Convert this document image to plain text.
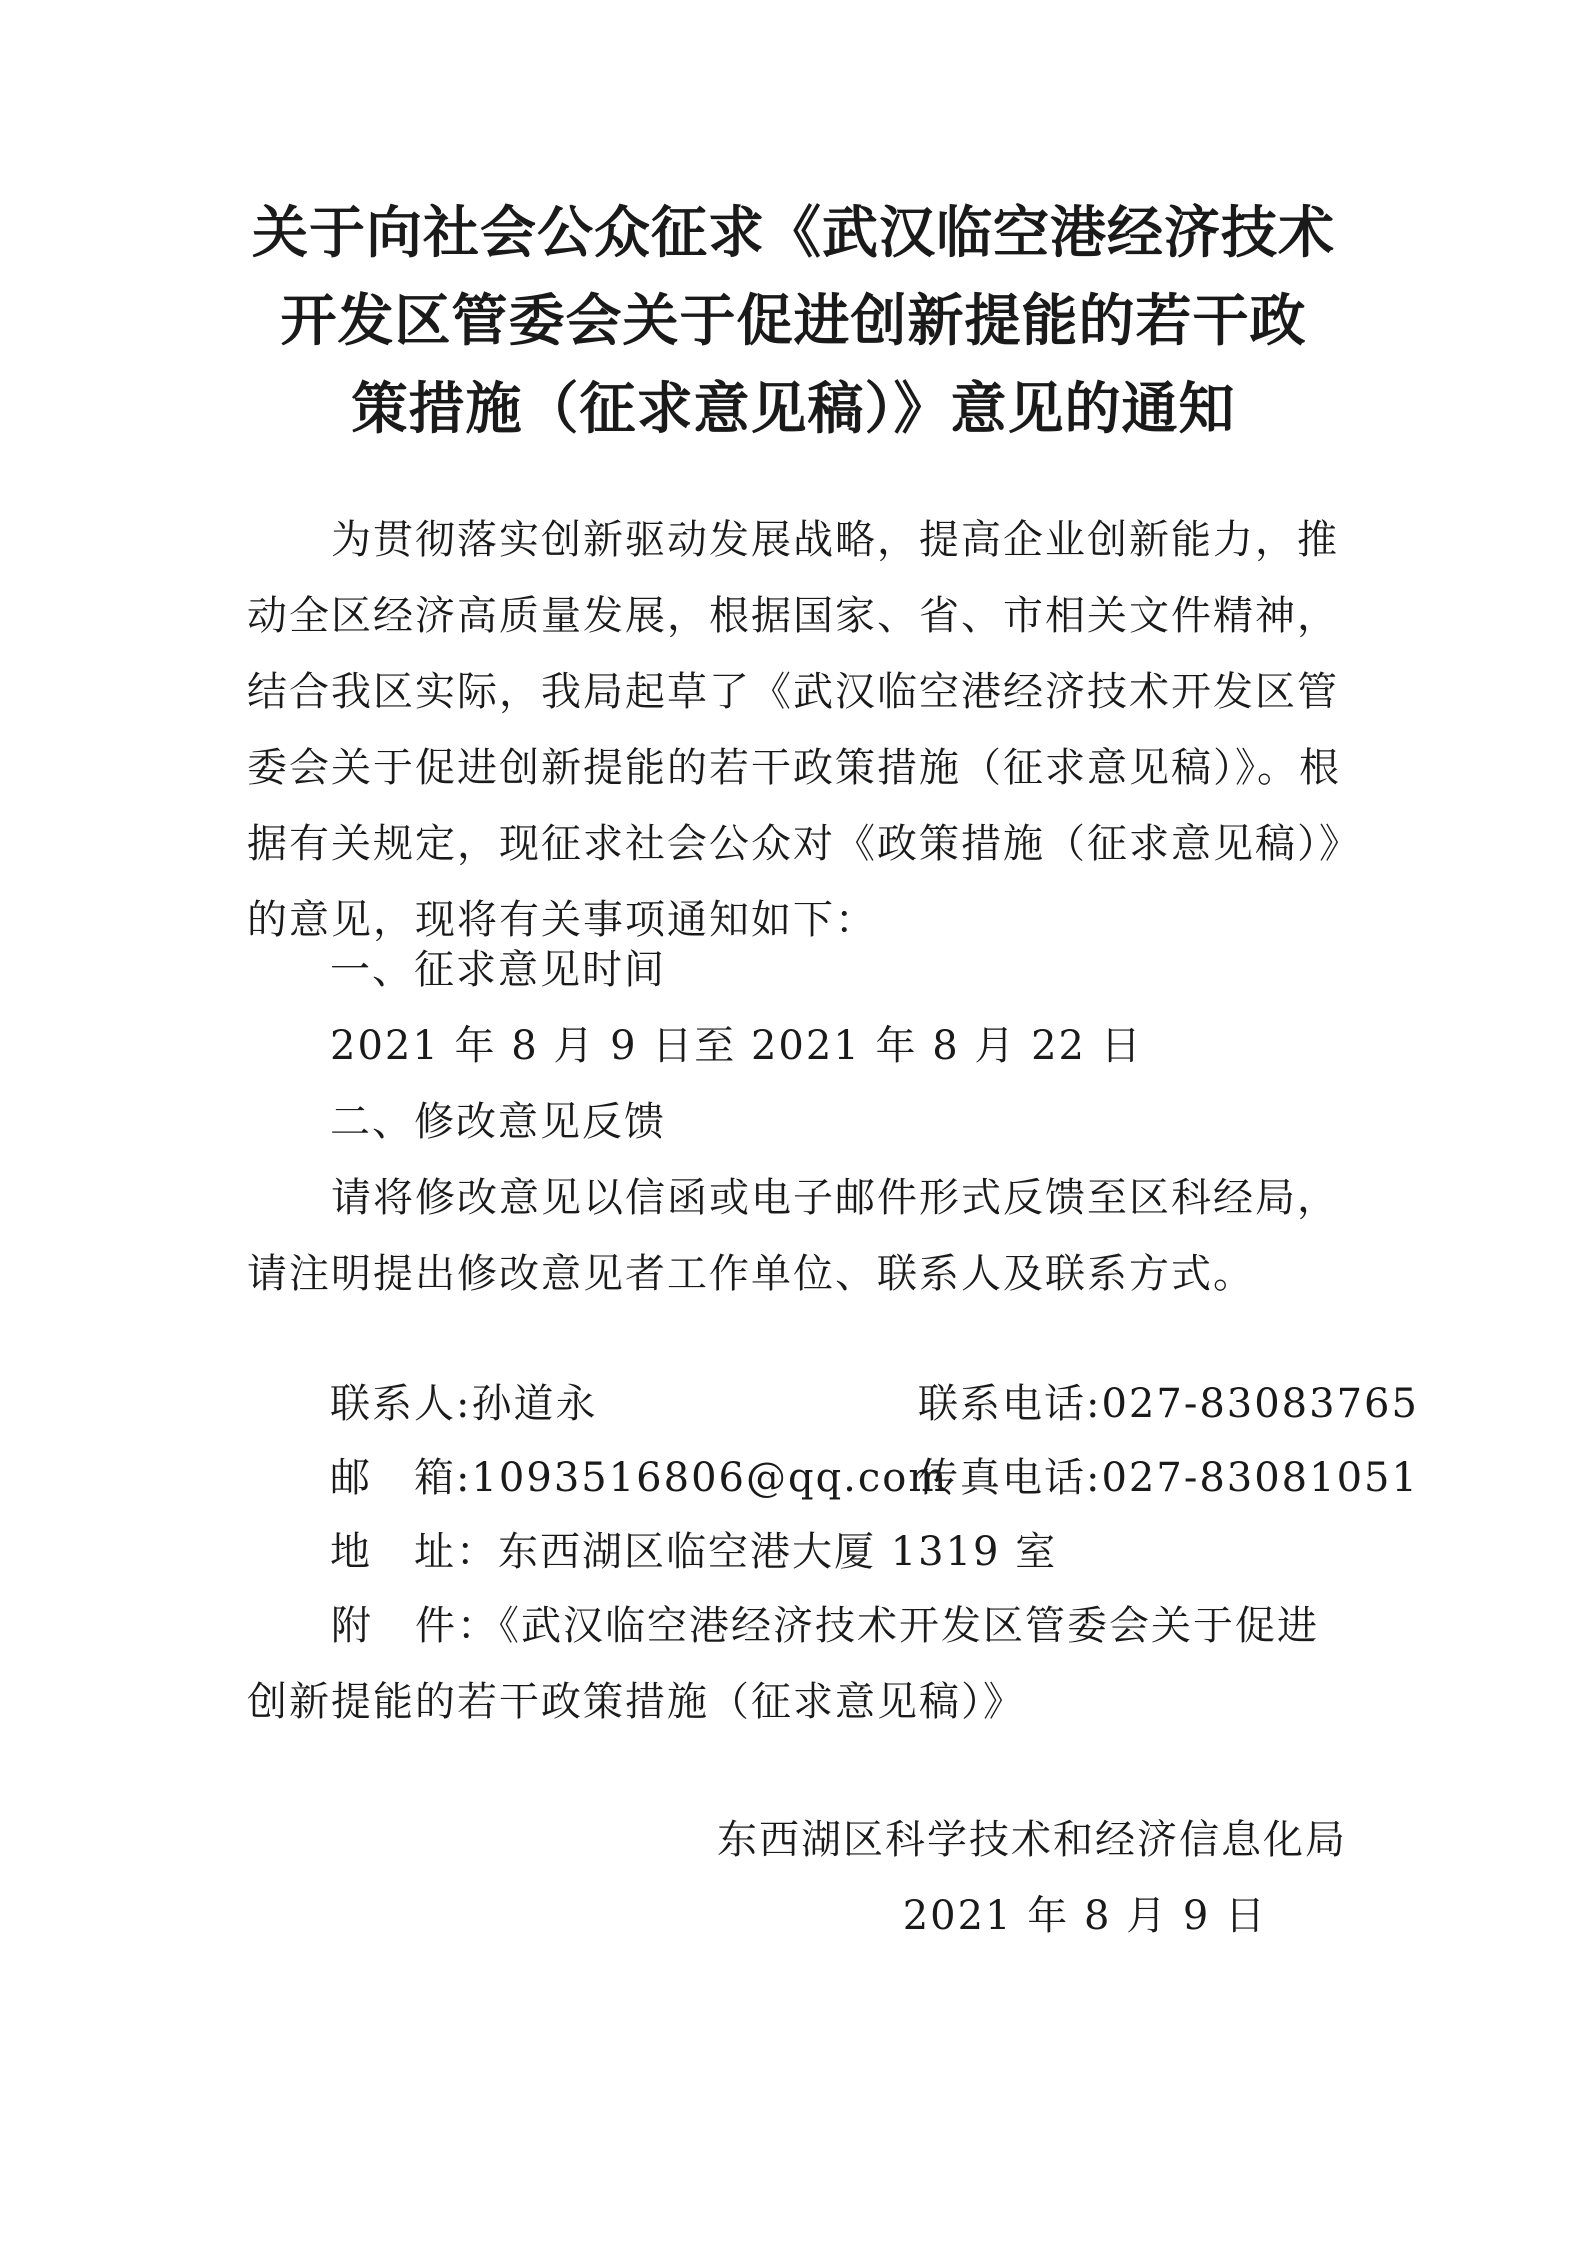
关于向社会公众征求《武汉临空港经济技术
开发区管委会关于促进创新提能的若干政
策措施（征求意见稿）》意见的通知

为贯彻落实创新驱动发展战略，提高企业创新能力，推动全区经济高质量发展，根据国家、省、市相关文件精神，结合我区实际，我局起草了《武汉临空港经济技术开发区管委会关于促进创新提能的若干政策措施（征求意见稿）》。根据有关规定，现征求社会公众对《政策措施（征求意见稿）》的意见，现将有关事项通知如下：

一、征求意见时间
2021 年 8 月 9 日至 2021 年 8 月 22 日
二、修改意见反馈

请将修改意见以信函或电子邮件形式反馈至区科经局，请注明提出修改意见者工作单位、联系人及联系方式。

联系人:孙道永	联系电话:027-83083765
邮　箱:1093516806@qq.com
传真电话:027-83081051
地　址：东西湖区临空港大厦 1319 室

附　件：《武汉临空港经济技术开发区管委会关于促进创新提能的若干政策措施（征求意见稿）》

东西湖区科学技术和经济信息化局
2021 年 8 月 9 日
